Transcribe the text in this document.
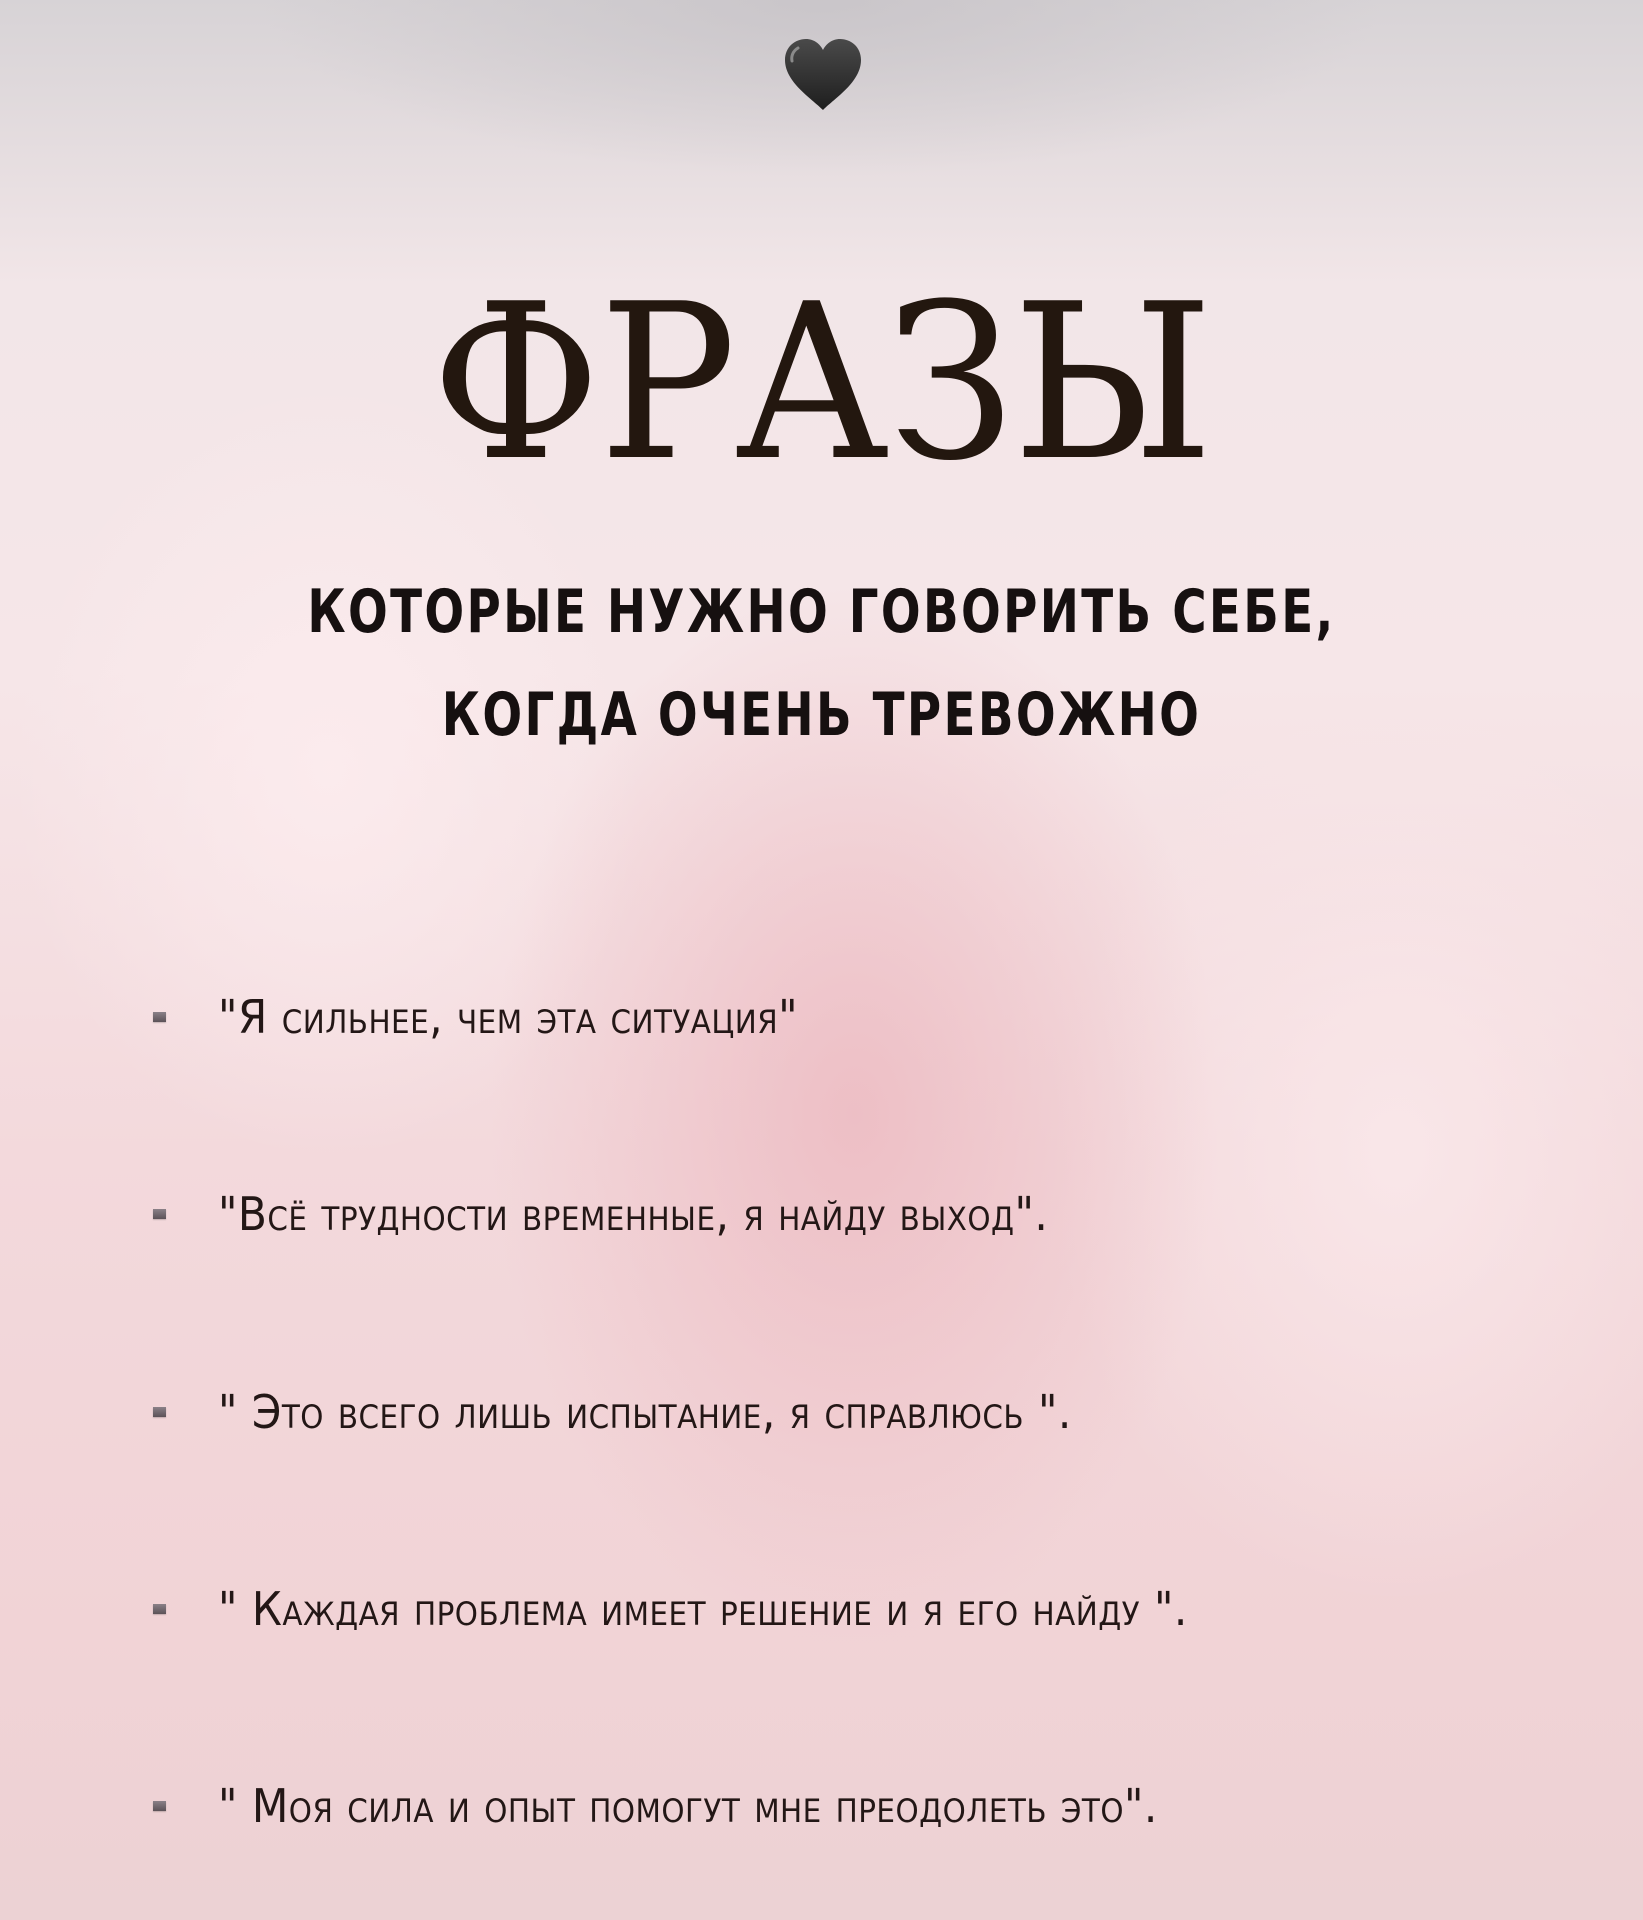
ФРАЗЫ
КОТОРЫЕ НУЖНО ГОВОРИТЬ СЕБЕ,
КОГДА ОЧЕНЬ ТРЕВОЖНО
"Я сильнее, чем эта ситуация"
"Всё трудности временные, я найду выход".
" Это всего лишь испытание, я справлюсь ".
" Каждая проблема имеет решение и я его найду ".
" Моя сила и опыт помогут мне преодолеть это".
